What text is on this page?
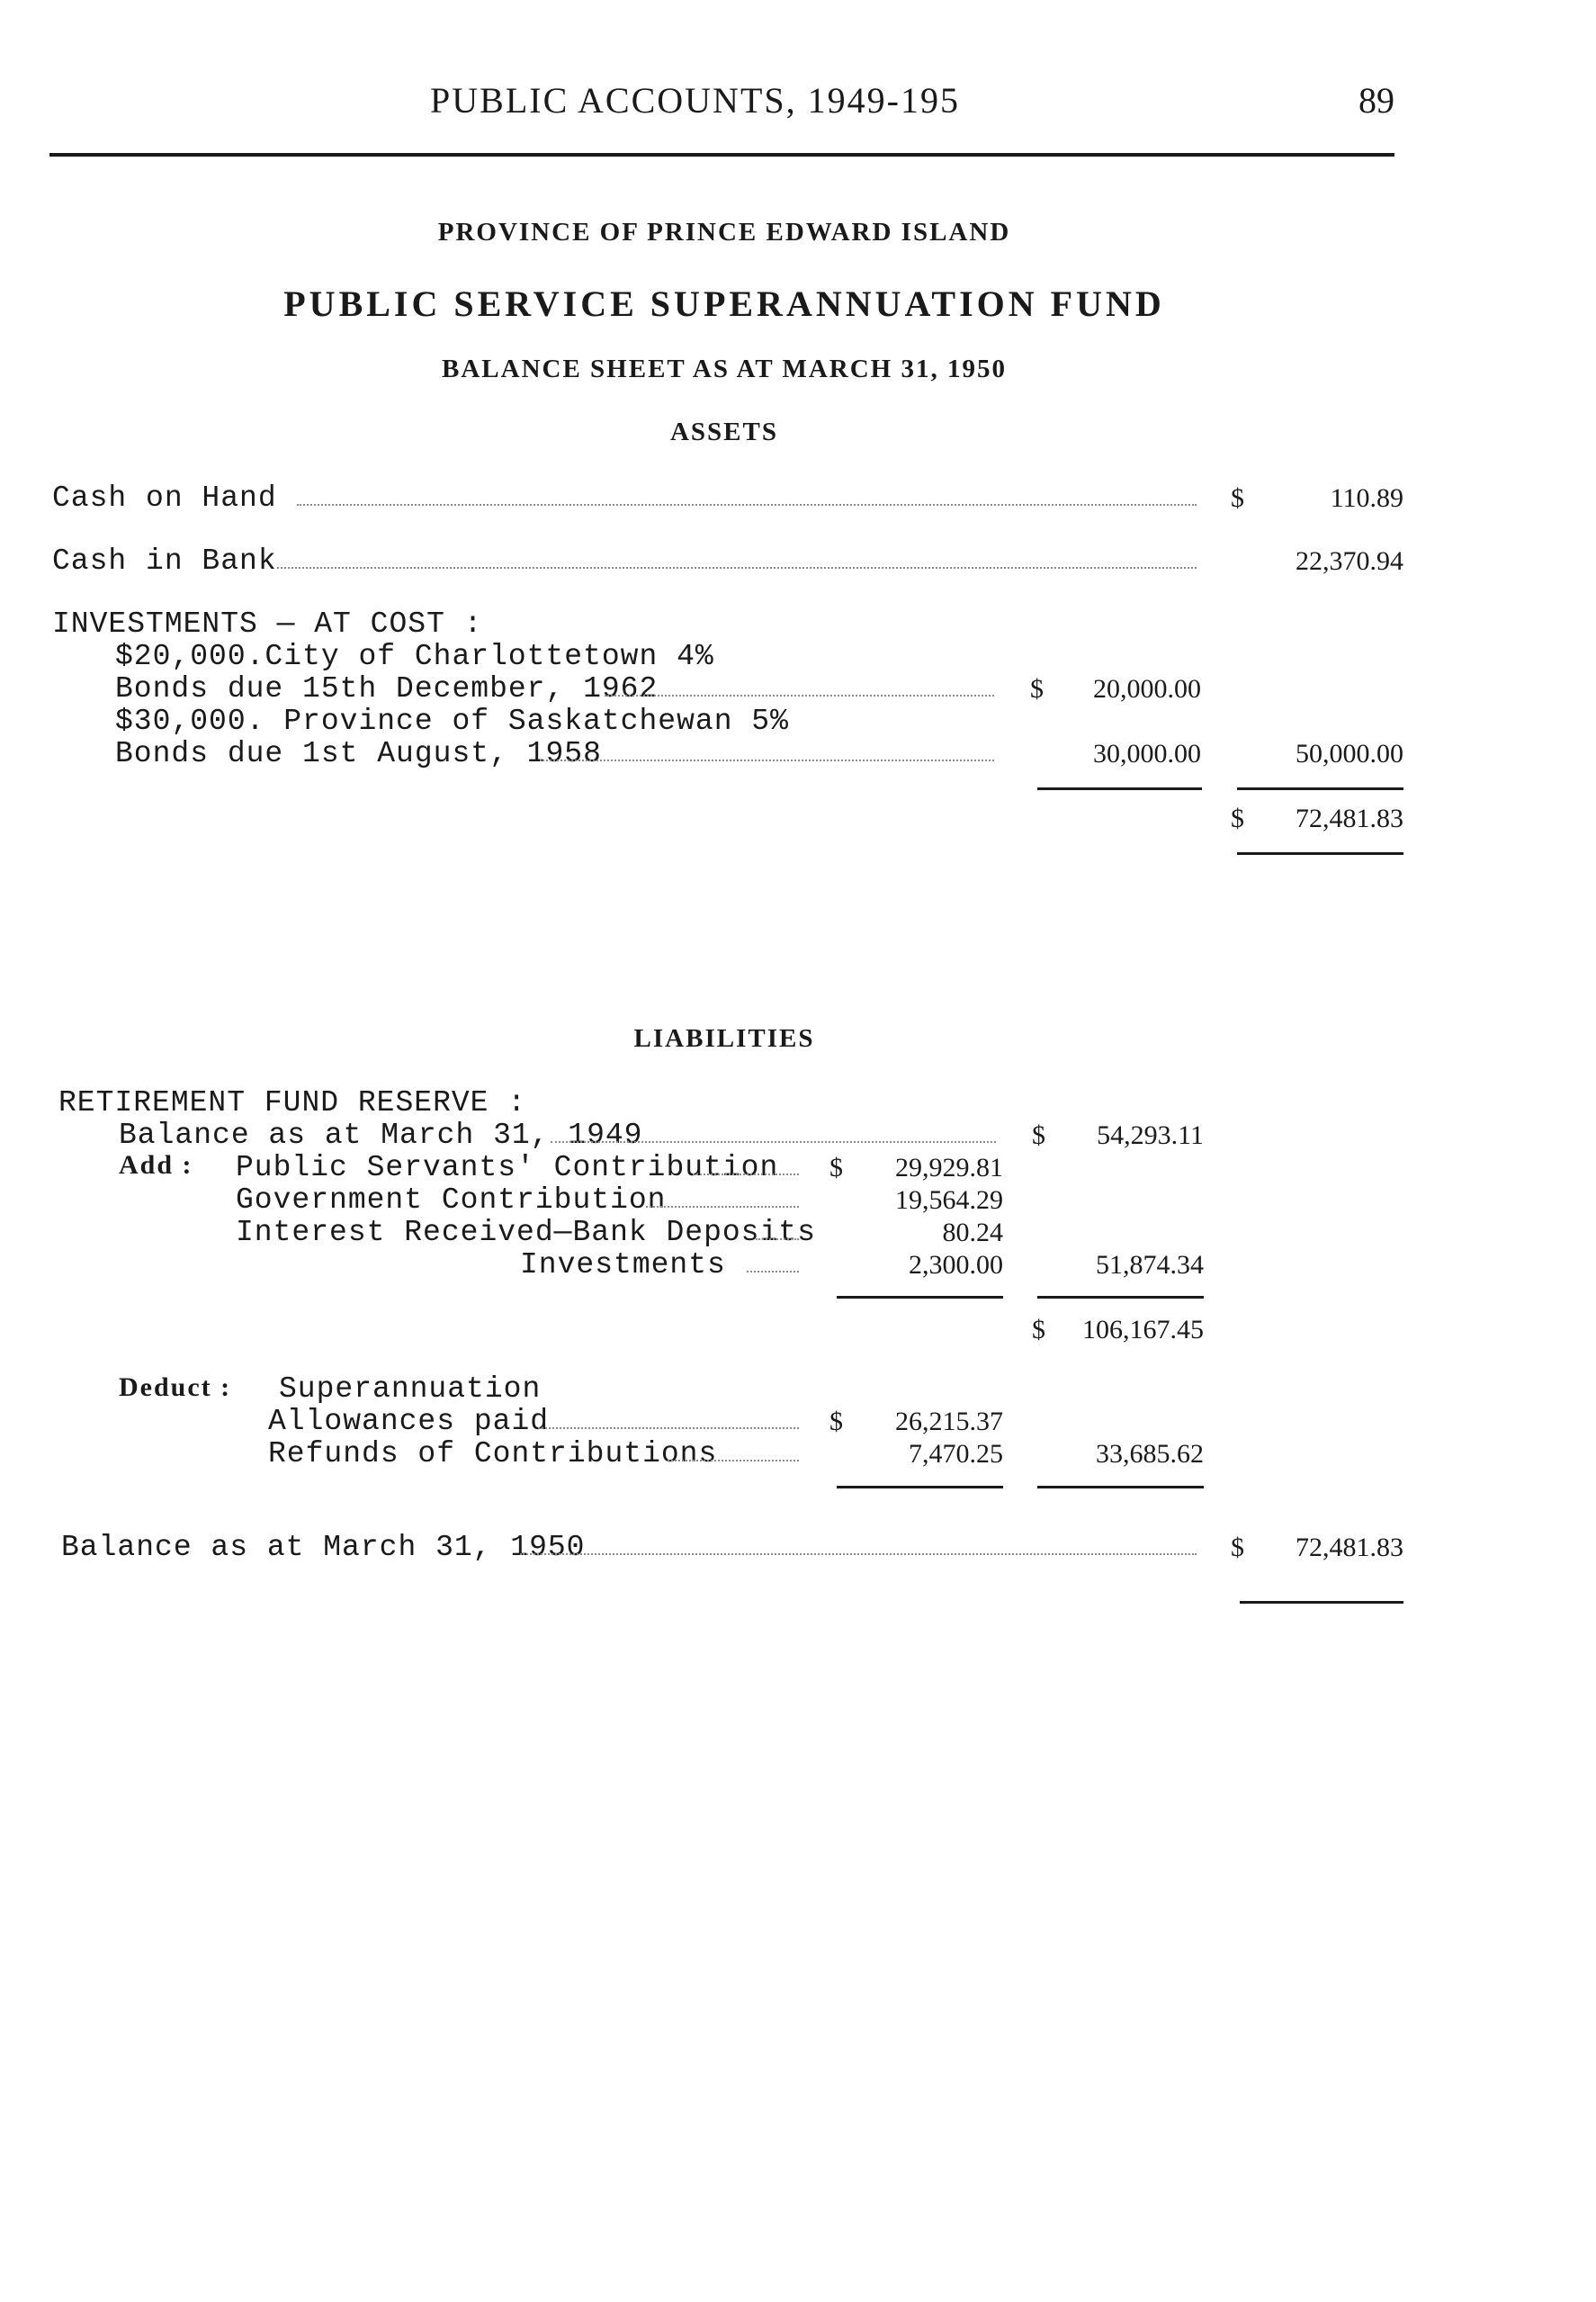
PUBLIC ACCOUNTS, 1949-195	89
PROVINCE OF PRINCE EDWARD ISLAND
PUBLIC SERVICE SUPERANNUATION FUND
BALANCE SHEET AS AT MARCH 31, 1950
ASSETS
Cash on Hand	$	110.89
Cash in Bank	22,370.94
INVESTMENTS — AT COST :
$20,000.City of Charlottetown 4%
Bonds due 15th December, 1962	$	20,000.00
$30,000. Province of Saskatchewan 5%
Bonds due 1st August, 1958	30,000.00	50,000.00
$	72,481.83
LIABILITIES
RETIREMENT FUND RESERVE :
Balance as at March 31, 1949	$	54,293.11
Add : Public Servants' Contribution $	29,929.81
Government Contribution	19,564.29
Interest Received—Bank Deposits	80.24
Investments	2,300.00	51,874.34
$	106,167.45
Deduct : Superannuation
Allowances paid	$	26,215.37
Refunds of Contributions	7,470.25	33,685.62
Balance as at March 31, 1950	$	72,481.83
